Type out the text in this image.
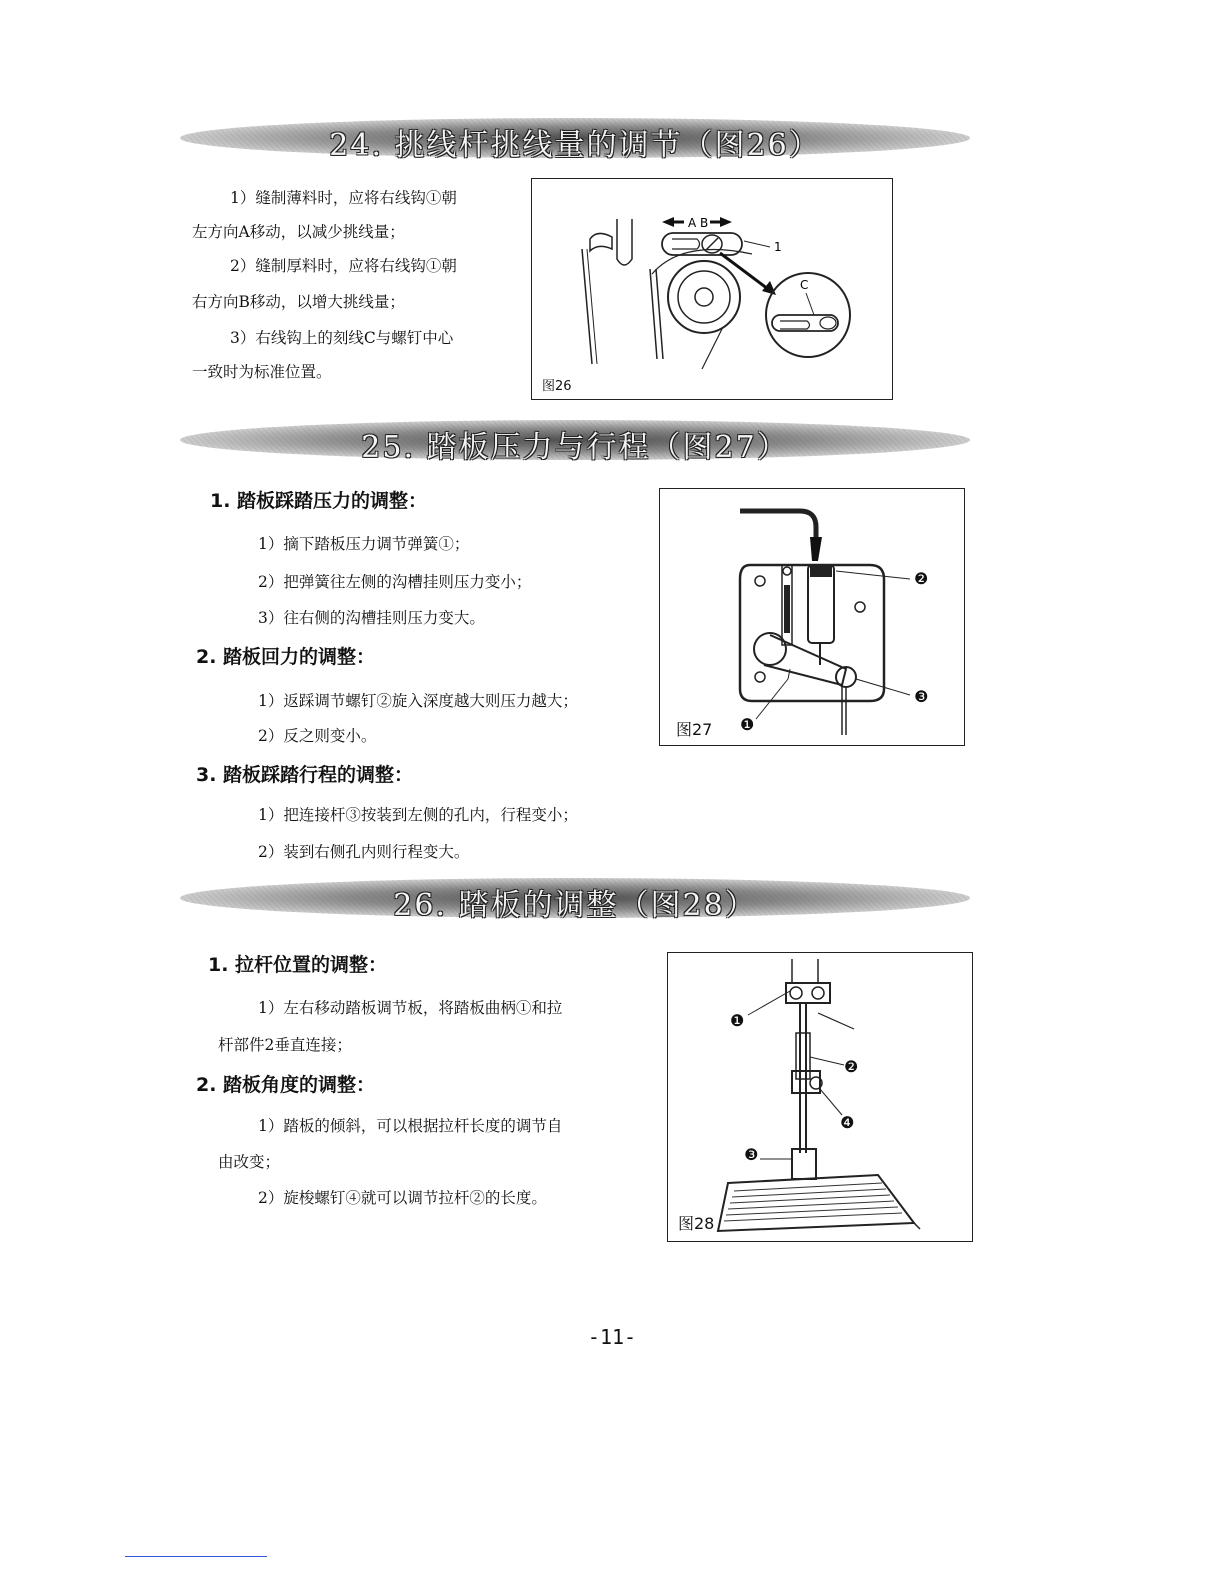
24. 挑线杆挑线量的调节（图26）
1）缝制薄料时，应将右线钩①朝
左方向A移动，以减少挑线量；
2）缝制厚料时，应将右线钩①朝
右方向B移动，以增大挑线量；
3）右线钩上的刻线C与螺钉中心
一致时为标准位置。
A B
1
C
图26
25. 踏板压力与行程（图27）
1. 踏板踩踏压力的调整：
1）摘下踏板压力调节弹簧①；
2）把弹簧往左侧的沟槽挂则压力变小；
3）往右侧的沟槽挂则压力变大。
2. 踏板回力的调整：
1）返踩调节螺钉②旋入深度越大则压力越大；
2）反之则变小。
3. 踏板踩踏行程的调整：
1）把连接杆③按装到左侧的孔内，行程变小；
2）装到右侧孔内则行程变大。
❷
❸
❶
图27
26. 踏板的调整（图28）
1. 拉杆位置的调整：
1）左右移动踏板调节板，将踏板曲柄①和拉
杆部件2垂直连接；
2. 踏板角度的调整：
1）踏板的倾斜，可以根据拉杆长度的调节自
由改变；
2）旋梭螺钉④就可以调节拉杆②的长度。
❶
❷
❹
❸
图28
-11-
